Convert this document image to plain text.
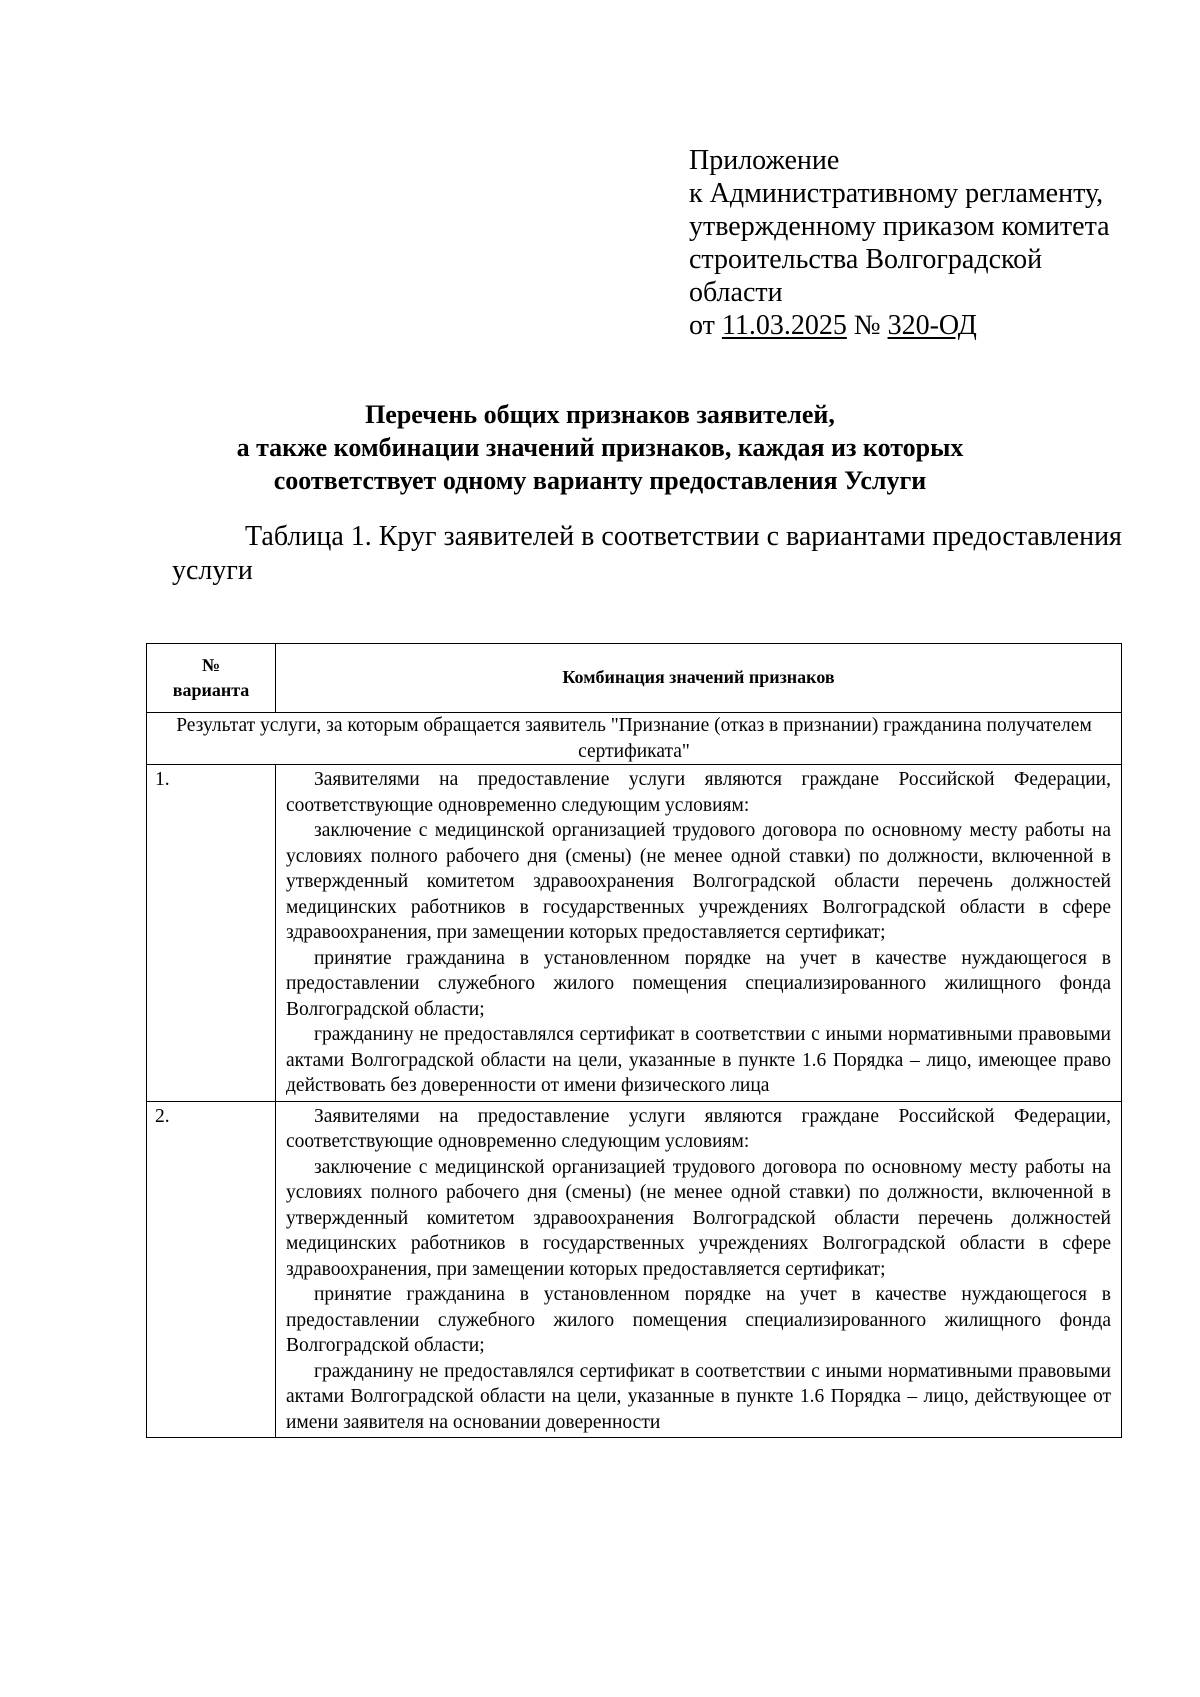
Приложение
к Административному регламенту,
утвержденному приказом комитета
строительства Волгоградской
области
от 11.03.2025 № 320-ОД
Перечень общих признаков заявителей,
а также комбинации значений признаков, каждая из которых
соответствует одному варианту предоставления Услуги
Таблица 1. Круг заявителей в соответствии с вариантами предоставления
услуги
№
варианта	Комбинация значений признаков
Результат услуги, за которым обращается заявитель "Признание (отказ в признании) гражданина получателем сертификата"	
1.	Заявителями на предоставление услуги являются граждане Российской Федерации, соответствующие одновременно следующим условиям:

заключение с медицинской организацией трудового договора по основному месту работы на условиях полного рабочего дня (смены) (не менее одной ставки) по должности, включенной в утвержденный комитетом здравоохранения Волгоградской области перечень должностей медицинских работников в государственных учреждениях Волгоградской области в сфере здравоохранения, при замещении которых предоставляется сертификат;

принятие гражданина в установленном порядке на учет в качестве нуждающегося в предоставлении служебного жилого помещения специализированного жилищного фонда Волгоградской области;

гражданину не предоставлялся сертификат в соответствии с иными нормативными правовыми актами Волгоградской области на цели, указанные в пункте 1.6 Порядка – лицо, имеющее право действовать без доверенности от имени физического лица

2.	Заявителями на предоставление услуги являются граждане Российской Федерации, соответствующие одновременно следующим условиям:

заключение с медицинской организацией трудового договора по основному месту работы на условиях полного рабочего дня (смены) (не менее одной ставки) по должности, включенной в утвержденный комитетом здравоохранения Волгоградской области перечень должностей медицинских работников в государственных учреждениях Волгоградской области в сфере здравоохранения, при замещении которых предоставляется сертификат;

принятие гражданина в установленном порядке на учет в качестве нуждающегося в предоставлении служебного жилого помещения специализированного жилищного фонда Волгоградской области;

гражданину не предоставлялся сертификат в соответствии с иными нормативными правовыми актами Волгоградской области на цели, указанные в пункте 1.6 Порядка – лицо, действующее от имени заявителя на основании доверенности
